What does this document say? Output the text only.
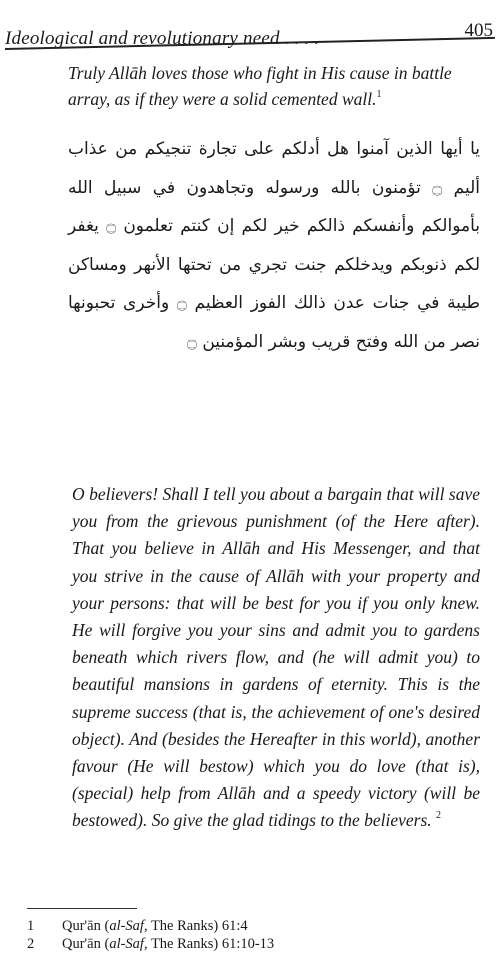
Ideological and revolutionary need . . . .	405
Truly Allāh loves those who fight in His cause in battle array, as if they were a solid cemented wall.$^1$
يا أيها الذين آمنوا هل أدلكم على تجارة تنجيكم من عذاب أليم ۝ تؤمنون بالله ورسوله وتجاهدون في سبيل الله بأموالكم وأنفسكم ذالكم خير لكم إن كنتم تعلمون ۝ يغفر لكم ذنوبكم ويدخلكم جنت تجري من تحتها الأنهر ومساكن طيبة في جنات عدن ذالك الفوز العظيم ۝ وأخرى تحبونها نصر من الله وفتح قريب وبشر المؤمنين ۝
O believers! Shall I tell you about a bargain that will save you from the grievous punishment (of the Here after). That you believe in Allāh and His Messenger, and that you strive in the cause of Allāh with your property and your persons: that will be best for you if you only knew. He will forgive you your sins and admit you to gardens beneath which rivers flow, and (he will admit you) to beautiful mansions in gardens of eternity. This is the supreme success (that is, the achievement of one's desired object). And (besides the Hereafter in this world), another favour (He will bestow) which you do love (that is), (special) help from Allāh and a speedy victory (will be bestowed). So give the glad tidings to the believers. $^2$
1	Qur'ān (al-Saf, The Ranks) 61:4
2	Qur'ān (al-Saf, The Ranks) 61:10-13
